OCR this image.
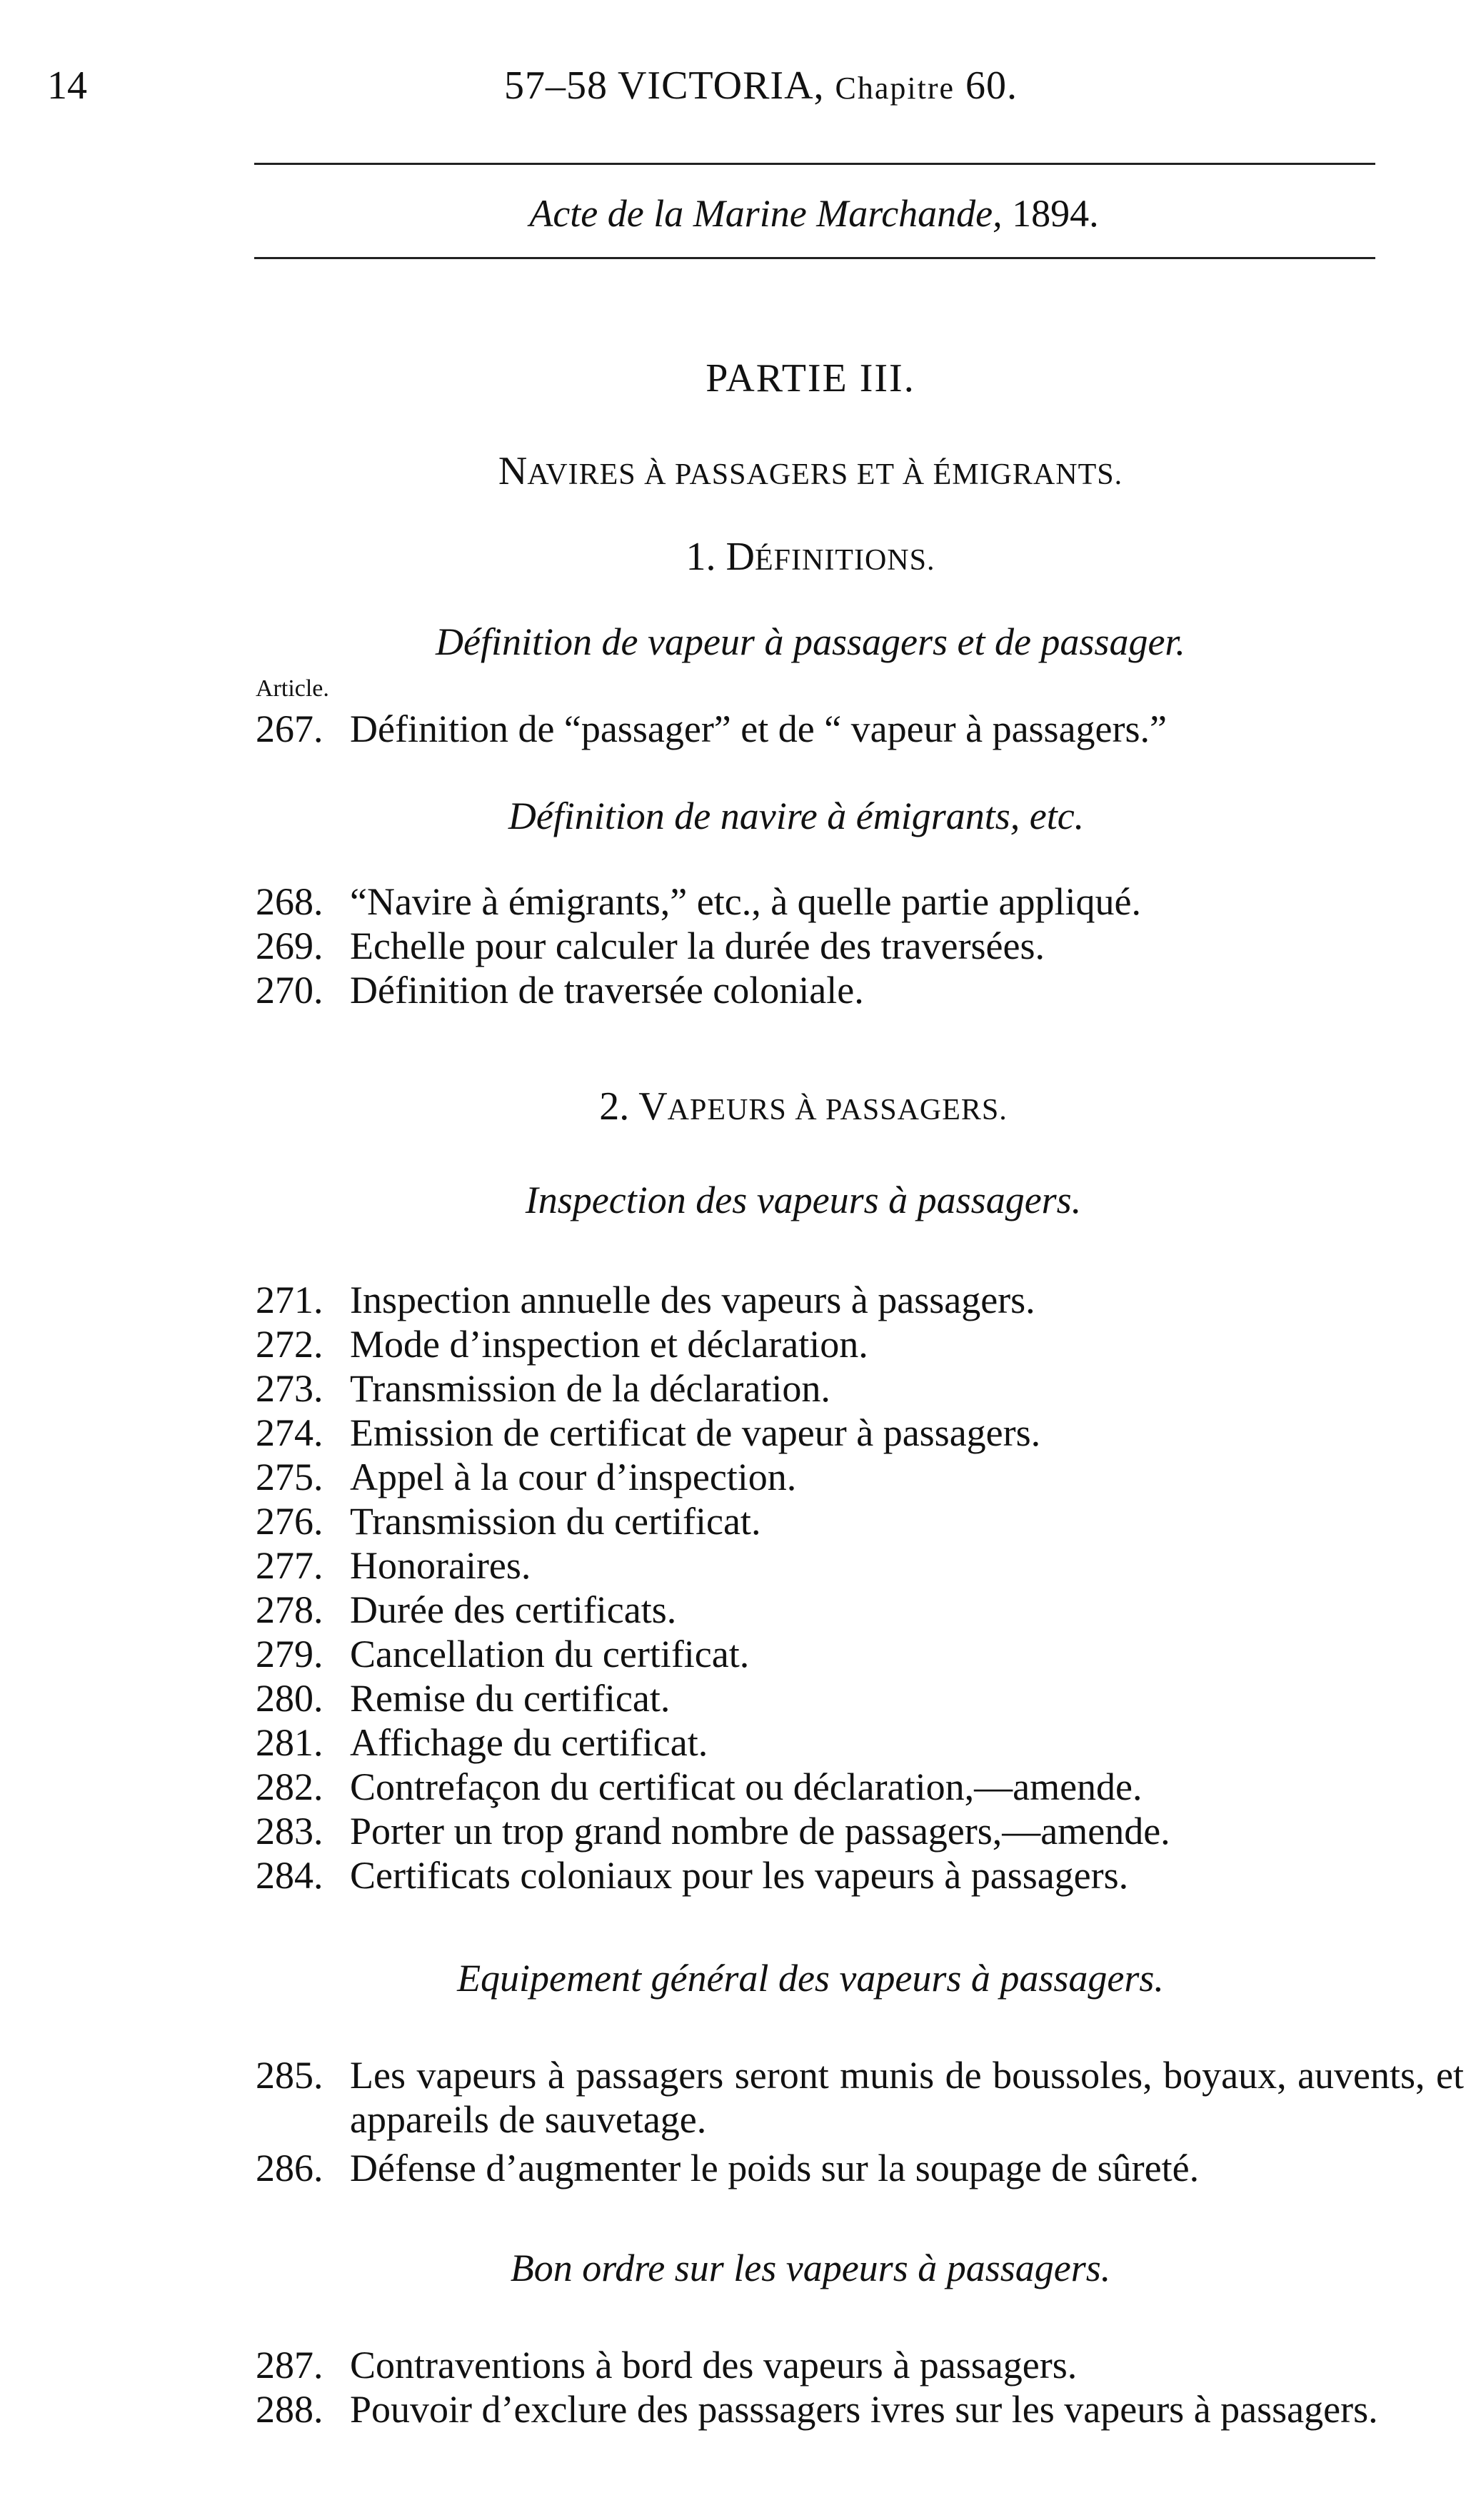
14	57–58 VICTORIA, Chapitre 60.
Acte de la Marine Marchande, 1894.
PARTIE III.
NAVIRES À PASSAGERS ET À ÉMIGRANTS.
1. DÉFINITIONS.
Définition de vapeur à passagers et de passager.
Article.
267. Définition de “passager” et de “ vapeur à passagers.”
Définition de navire à émigrants, etc.
268. “Navire à émigrants,” etc., à quelle partie appliqué.
269. Echelle pour calculer la durée des traversées.
270. Définition de traversée coloniale.
2. VAPEURS À PASSAGERS.
Inspection des vapeurs à passagers.
271. Inspection annuelle des vapeurs à passagers.
272. Mode d’inspection et déclaration.
273. Transmission de la déclaration.
274. Emission de certificat de vapeur à passagers.
275. Appel à la cour d’inspection.
276. Transmission du certificat.
277. Honoraires.
278. Durée des certificats.
279. Cancellation du certificat.
280. Remise du certificat.
281. Affichage du certificat.
282. Contrefaçon du certificat ou déclaration,—amende.
283. Porter un trop grand nombre de passagers,—amende.
284. Certificats coloniaux pour les vapeurs à passagers.
Equipement général des vapeurs à passagers.
285. Les vapeurs à passagers seront munis de boussoles, boyaux, auvents, et appareils de sauvetage.
286. Défense d’augmenter le poids sur la soupage de sûreté.
Bon ordre sur les vapeurs à passagers.
287. Contraventions à bord des vapeurs à passagers.
288. Pouvoir d’exclure des passsagers ivres sur les vapeurs à passagers.
